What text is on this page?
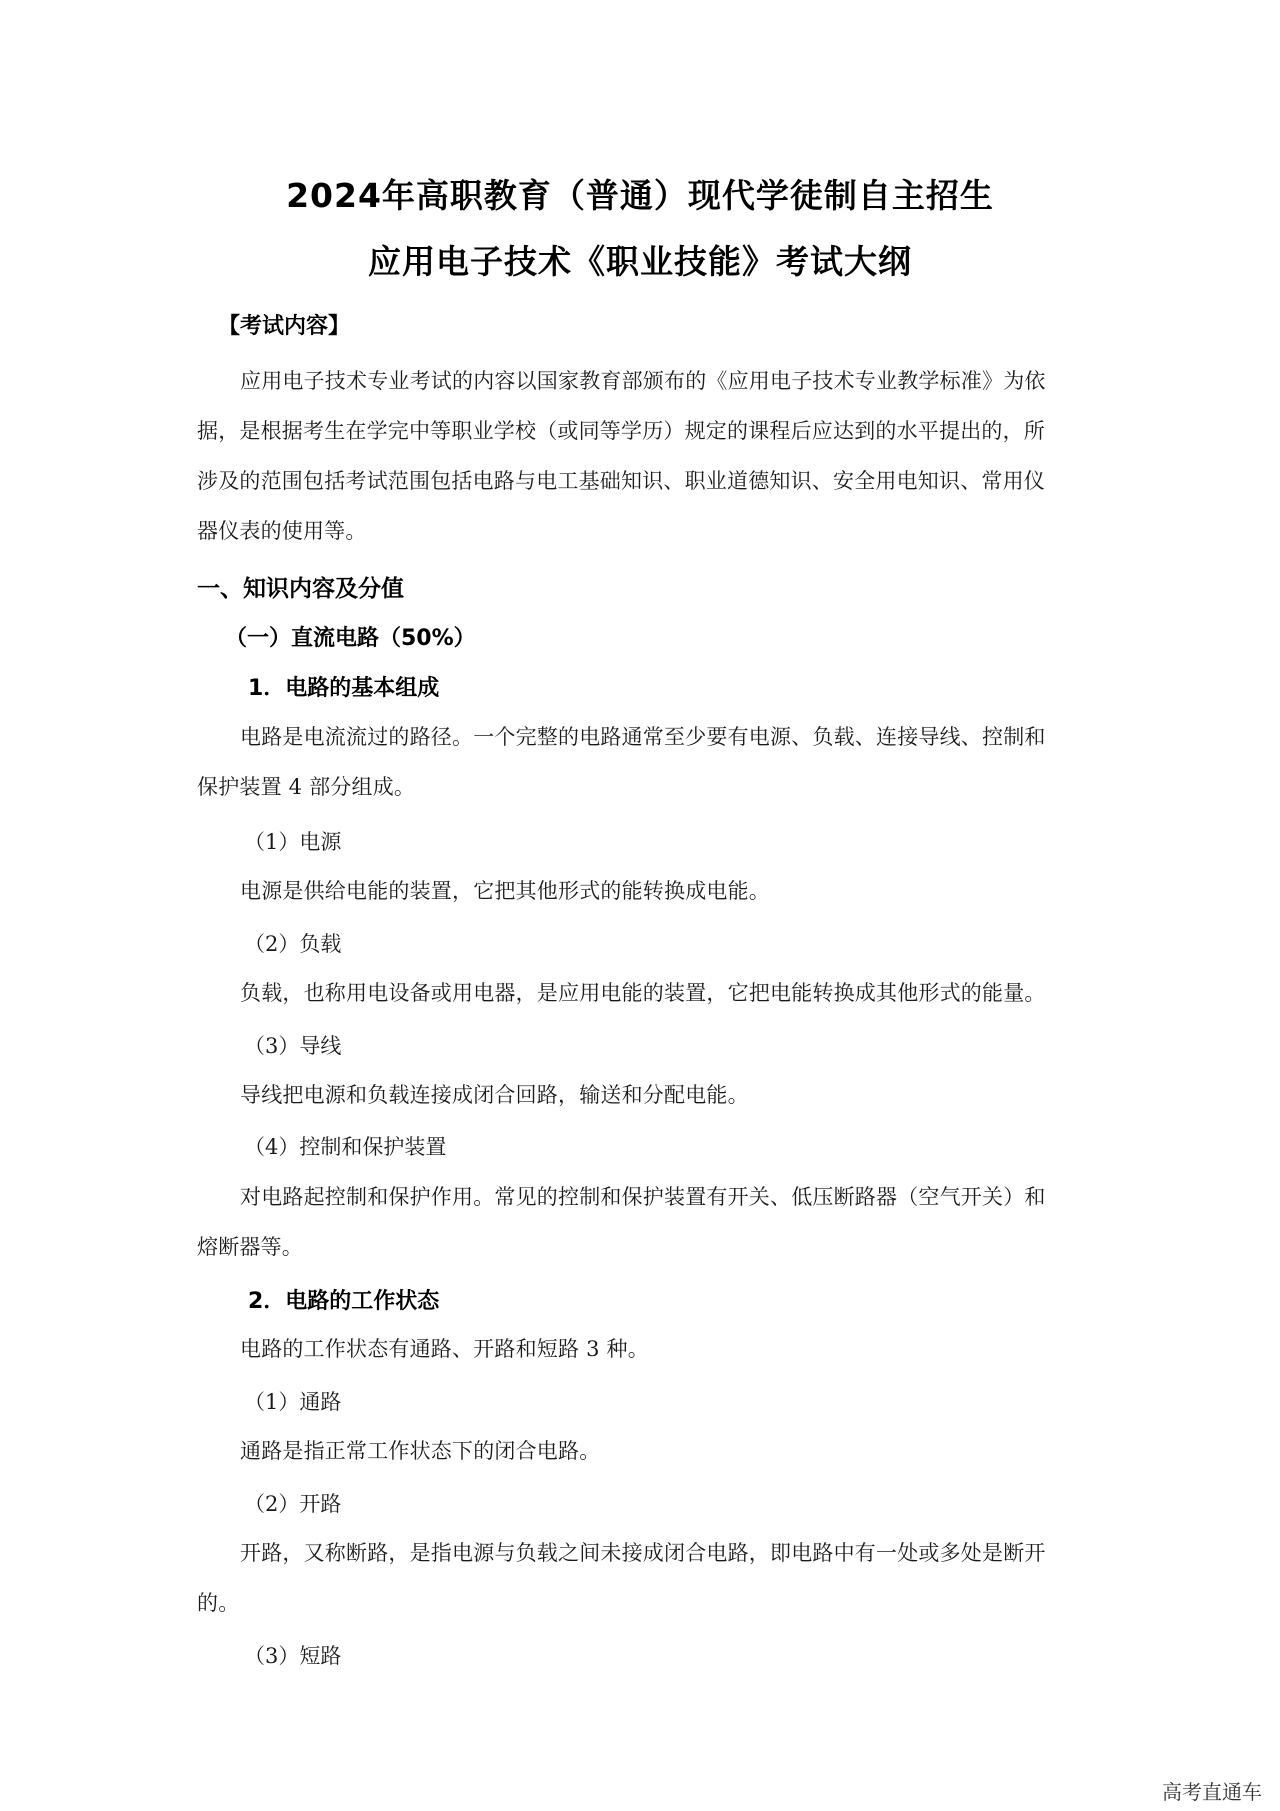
2024年高职教育（普通）现代学徒制自主招生
应用电子技术《职业技能》考试大纲
【考试内容】
应用电子技术专业考试的内容以国家教育部颁布的《应用电子技术专业教学标准》为依
据，是根据考生在学完中等职业学校（或同等学历）规定的课程后应达到的水平提出的，所
涉及的范围包括考试范围包括电路与电工基础知识、职业道德知识、安全用电知识、常用仪
器仪表的使用等。
一、知识内容及分值
（一）直流电路（50%）
1．电路的基本组成
电路是电流流过的路径。一个完整的电路通常至少要有电源、负载、连接导线、控制和
保护装置 4 部分组成。
（1）电源
电源是供给电能的装置，它把其他形式的能转换成电能。
（2）负载
负载，也称用电设备或用电器，是应用电能的装置，它把电能转换成其他形式的能量。
（3）导线
导线把电源和负载连接成闭合回路，输送和分配电能。
（4）控制和保护装置
对电路起控制和保护作用。常见的控制和保护装置有开关、低压断路器（空气开关）和
熔断器等。
2．电路的工作状态
电路的工作状态有通路、开路和短路 3 种。
（1）通路
通路是指正常工作状态下的闭合电路。
（2）开路
开路，又称断路，是指电源与负载之间未接成闭合电路，即电路中有一处或多处是断开
的。
（3）短路
高考直通车
